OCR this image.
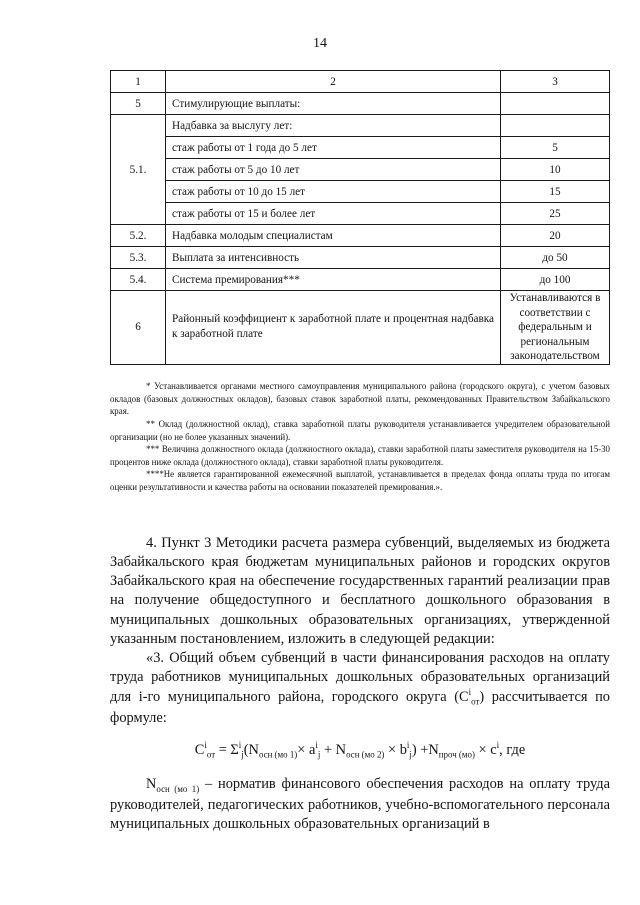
14
1	2	3
5	Стимулирующие выплаты:	
5.1.	Надбавка за выслугу лет:	
	стаж работы от 1 года до 5 лет	5
	стаж работы от 5 до 10 лет	10
	стаж работы от 10 до 15 лет	15
	стаж работы от 15 и более лет	25
5.2.	Надбавка молодым специалистам	20
5.3.	Выплата за интенсивность	до 50
5.4.	Система премирования***	до 100
6	Районный коэффициент к заработной плате и процентная надбавка к заработной плате	Устанавливаются в соответствии с федеральным и региональным законодательством

* Устанавливается органами местного самоуправления муниципального района (городского округа), с учетом базовых окладов (базовых должностных окладов), базовых ставок заработной платы, рекомендованных Правительством Забайкальского края.

** Оклад (должностной оклад), ставка заработной платы руководителя устанавливается учредителем образовательной организации (но не более указанных значений).

*** Величина должностного оклада (должностного оклада), ставки заработной платы заместителя руководителя на 15-30 процентов ниже оклада (должностного оклада), ставки заработной платы руководителя.

****Не является гарантированной ежемесячной выплатой, устанавливается в пределах фонда оплаты труда по итогам оценки результативности и качества работы на основании показателей премирования.».

4. Пункт 3 Методики расчета размера субвенций, выделяемых из бюджета Забайкальского края бюджетам муниципальных районов и городских округов Забайкальского края на обеспечение государственных гарантий реализации прав на получение общедоступного и бесплатного дошкольного образования в муниципальных дошкольных образовательных организациях, утвержденной указанным постановлением, изложить в следующей редакции:

«3. Общий объем субвенций в части финансирования расходов на оплату труда работников муниципальных дошкольных образовательных организаций для i-го муниципального района, городского округа $(C^i_{от})$ рассчитывается по формуле:

$C^i_{от} = \Sigma^i_j(N_{осн (мо 1)}\times a^i_j + N_{осн (мо 2)} \times b^i_j) +N_{проч (мо)} \times c^i$, где

$N_{осн (мо 1)}$ – норматив финансового обеспечения расходов на оплату труда руководителей, педагогических работников, учебно-вспомогательного персонала муниципальных дошкольных образовательных организаций в
